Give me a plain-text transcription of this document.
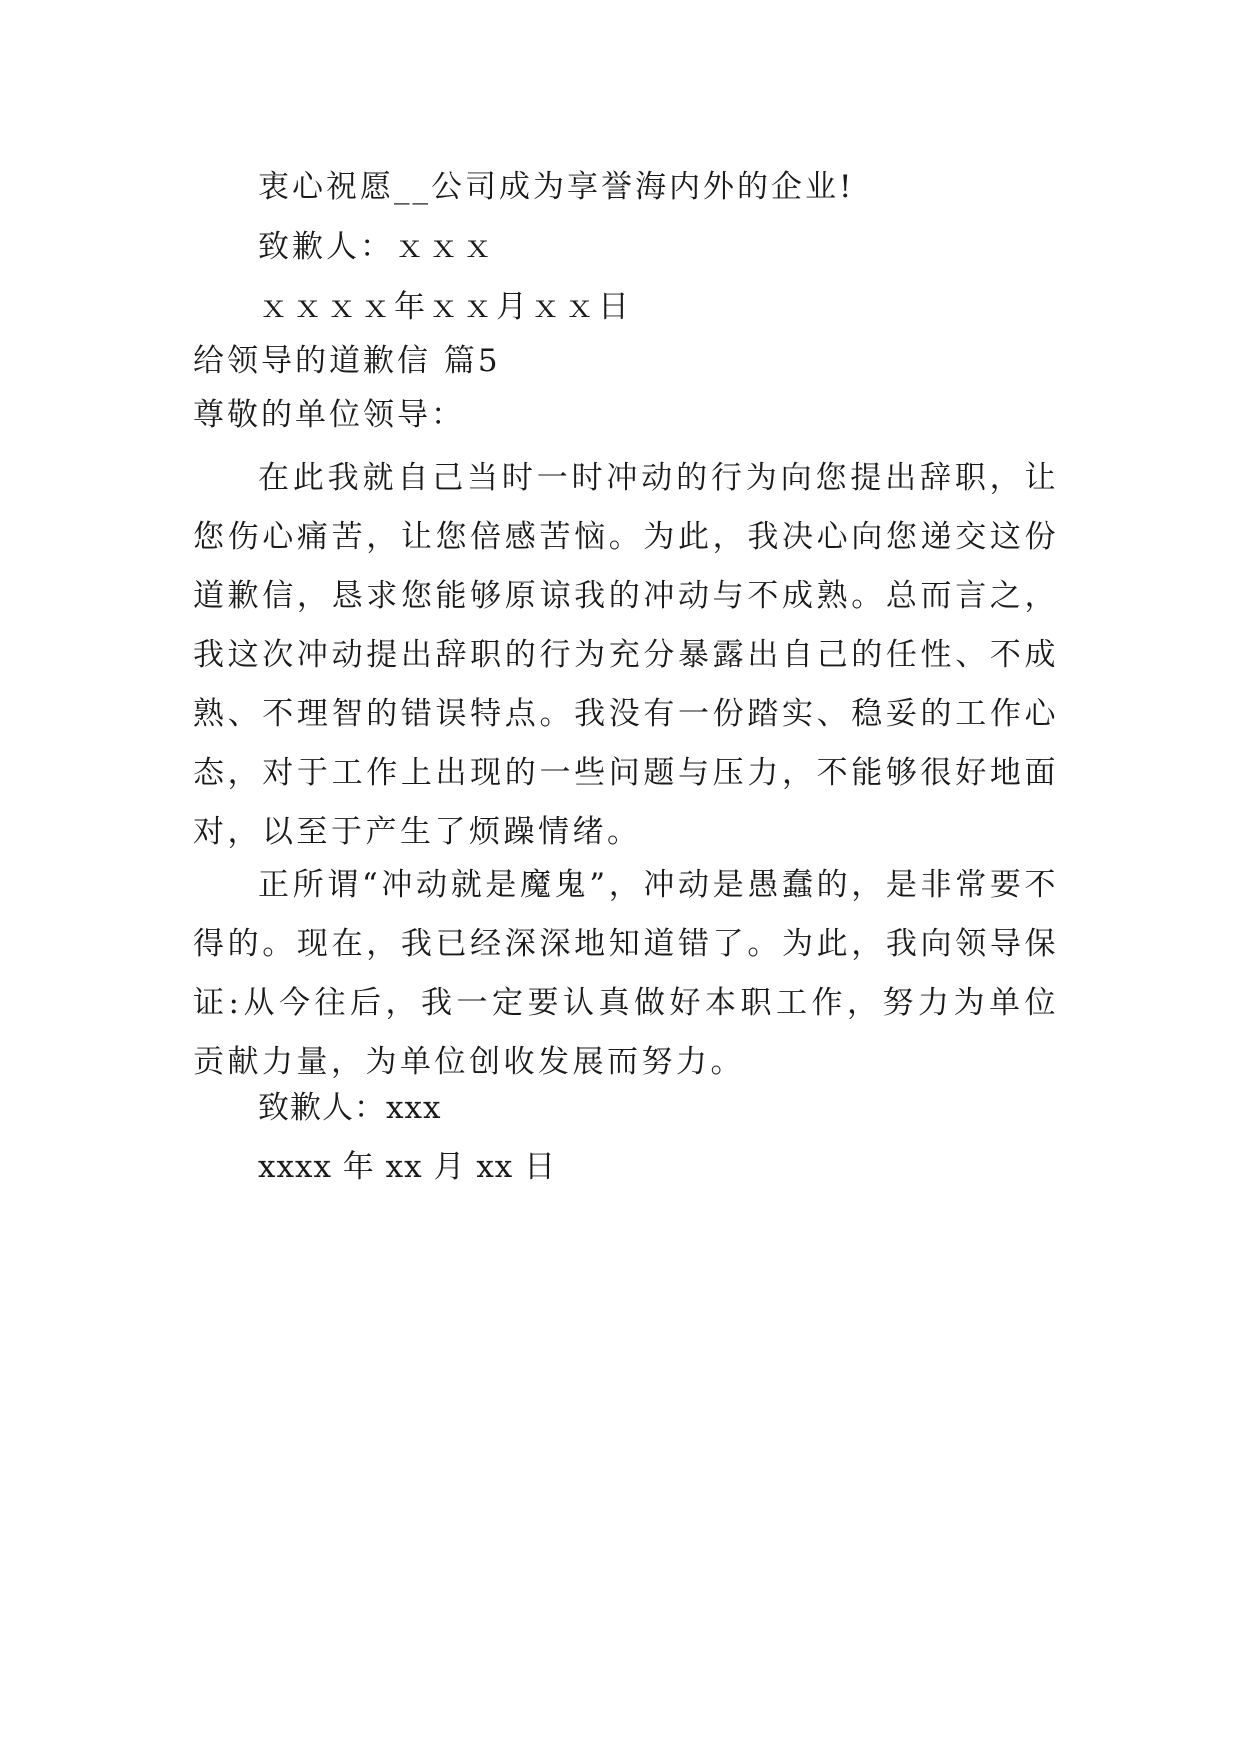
衷心祝愿__公司成为享誉海内外的企业!
致歉人：ｘｘｘ
ｘｘｘｘ年ｘｘ月ｘｘ日
给领导的道歉信 篇5
尊敬的单位领导：
在此我就自己当时一时冲动的行为向您提出辞职，让您伤心痛苦，让您倍感苦恼。为此，我决心向您递交这份道歉信，恳求您能够原谅我的冲动与不成熟。总而言之，我这次冲动提出辞职的行为充分暴露出自己的任性、不成熟、不理智的错误特点。我没有一份踏实、稳妥的工作心态，对于工作上出现的一些问题与压力，不能够很好地面对，以至于产生了烦躁情绪。
正所谓“冲动就是魔鬼”，冲动是愚蠢的，是非常要不得的。现在，我已经深深地知道错了。为此，我向领导保证:从今往后，我一定要认真做好本职工作，努力为单位贡献力量，为单位创收发展而努力。
致歉人：xxx
xxxx 年 xx 月 xx 日
